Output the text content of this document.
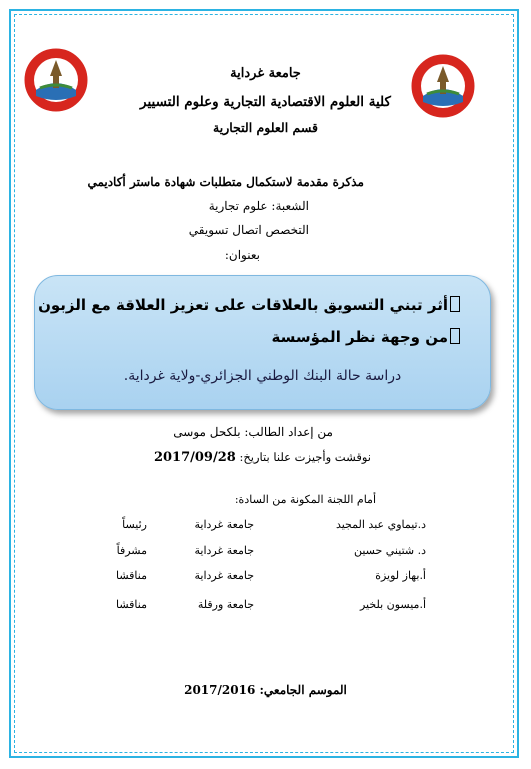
جامعة غرداية
كلية العلوم الاقتصادية التجارية وعلوم التسيير
قسم العلوم التجارية
مذكرة مقدمة لاستكمال متطلبات شهادة ماستر أكاديمي
الشعبة: علوم تجارية
التخصص اتصال تسويقي
بعنوان:
أثر تبني التسويق بالعلاقات على تعزيز العلاقة مع الزبون
من وجهة نظر المؤسسة
دراسة حالة البنك الوطني الجزائري-ولاية غرداية.
من إعداد الطالب: بلكحل موسى
نوقشت وأجيزت علنا بتاريخ: 2017/09/28
أمام اللجنة المكونة من السادة:
د.تيماوي عبد المجيد
جامعة غرداية
رئيساً
د. شتيني حسين
جامعة غرداية
مشرفاً
أ.بهاز لويزة
جامعة غرداية
مناقشا
أ.ميسون بلخير
جامعة ورقلة
مناقشا
الموسم الجامعي: 2017/2016
